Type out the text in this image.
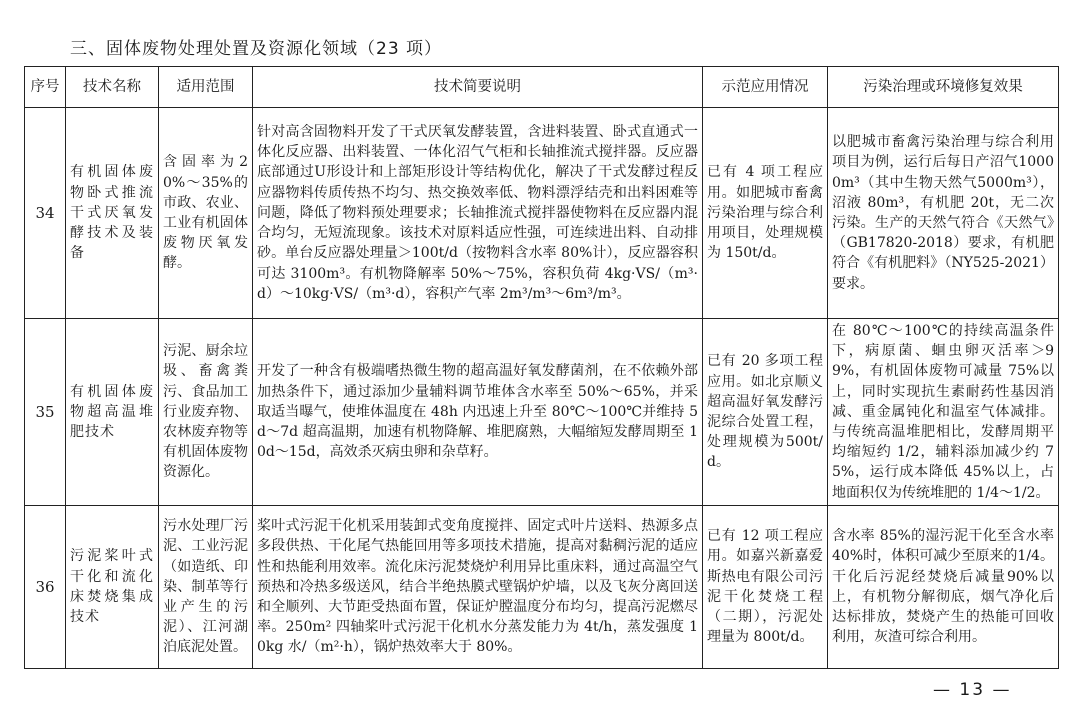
三、固体废物处理处置及资源化领域（23 项）
序号	技术名称	适用范围	技术简要说明	示范应用情况	污染治理或环境修复效果
34	有机固体废物卧式推流干式厌氧发酵技术及装备	含固率为20%～35%的市政、农业、工业有机固体废物厌氧发酵。	针对高含固物料开发了干式厌氧发酵装置，含进料装置、卧式直通式一体化反应器、出料装置、一体化沼气气柜和长轴推流式搅拌器。反应器底部通过U形设计和上部矩形设计等结构优化，解决了干式发酵过程反应器物料传质传热不均匀、热交换效率低、物料漂浮结壳和出料困难等问题，降低了物料预处理要求；长轴推流式搅拌器使物料在反应器内混合均匀，无短流现象。该技术对原料适应性强，可连续进出料、自动排砂。单台反应器处理量＞100t/d（按物料含水率 80%计），反应器容积可达 3100m³。有机物降解率 50%～75%，容积负荷 4kg·VS/（m³·d）～10kg·VS/（m³·d），容积产气率 2m³/m³～6m³/m³。	已有 4 项工程应用。如肥城市畜禽污染治理与综合利用项目，处理规模为 150t/d。	以肥城市畜禽污染治理与综合利用项目为例，运行后每日产沼气10000m³（其中生物天然气5000m³），沼液 80m³，有机肥 20t，无二次污染。生产的天然气符合《天然气》（GB17820-2018）要求，有机肥符合《有机肥料》（NY525-2021）要求。
35	有机固体废物超高温堆肥技术	污泥、厨余垃圾、畜禽粪污、食品加工行业废弃物、农林废弃物等有机固体废物资源化。	开发了一种含有极端嗜热微生物的超高温好氧发酵菌剂，在不依赖外部加热条件下，通过添加少量辅料调节堆体含水率至 50%～65%，并采取适当曝气，使堆体温度在 48h 内迅速上升至 80℃～100℃并维持 5d～7d 超高温期，加速有机物降解、堆肥腐熟，大幅缩短发酵周期至 10d～15d，高效杀灭病虫卵和杂草籽。	已有 20 多项工程应用。如北京顺义超高温好氧发酵污泥综合处置工程，处理规模为500t/d。	在 80℃～100℃的持续高温条件下，病原菌、蛔虫卵灭活率＞99%，有机固体废物可减量 75%以上，同时实现抗生素耐药性基因消减、重金属钝化和温室气体减排。与传统高温堆肥相比，发酵周期平均缩短约 1/2，辅料添加减少约 75%，运行成本降低 45%以上，占地面积仅为传统堆肥的 1/4～1/2。
36	污泥桨叶式干化和流化床焚烧集成技术	污水处理厂污泥、工业污泥（如造纸、印染、制革等行业产生的污泥）、江河湖泊底泥处置。	桨叶式污泥干化机采用装卸式变角度搅拌、固定式叶片送料、热源多点多段供热、干化尾气热能回用等多项技术措施，提高对黏稠污泥的适应性和热能利用效率。流化床污泥焚烧炉利用异比重床料，通过高温空气预热和冷热多级送风，结合半绝热膜式壁锅炉炉墙，以及飞灰分离回送和全顺列、大节距受热面布置，保证炉膛温度分布均匀，提高污泥燃尽率。250m² 四轴桨叶式污泥干化机水分蒸发能力为 4t/h，蒸发强度 10kg 水/（m²·h），锅炉热效率大于 80%。	已有 12 项工程应用。如嘉兴新嘉爱斯热电有限公司污泥干化焚烧工程（二期），污泥处理量为 800t/d。	含水率 85%的湿污泥干化至含水率 40%时，体积可减少至原来的1/4。干化后污泥经焚烧后减量90%以上，有机物分解彻底，烟气净化后达标排放，焚烧产生的热能可回收利用，灰渣可综合利用。
— 13 —
